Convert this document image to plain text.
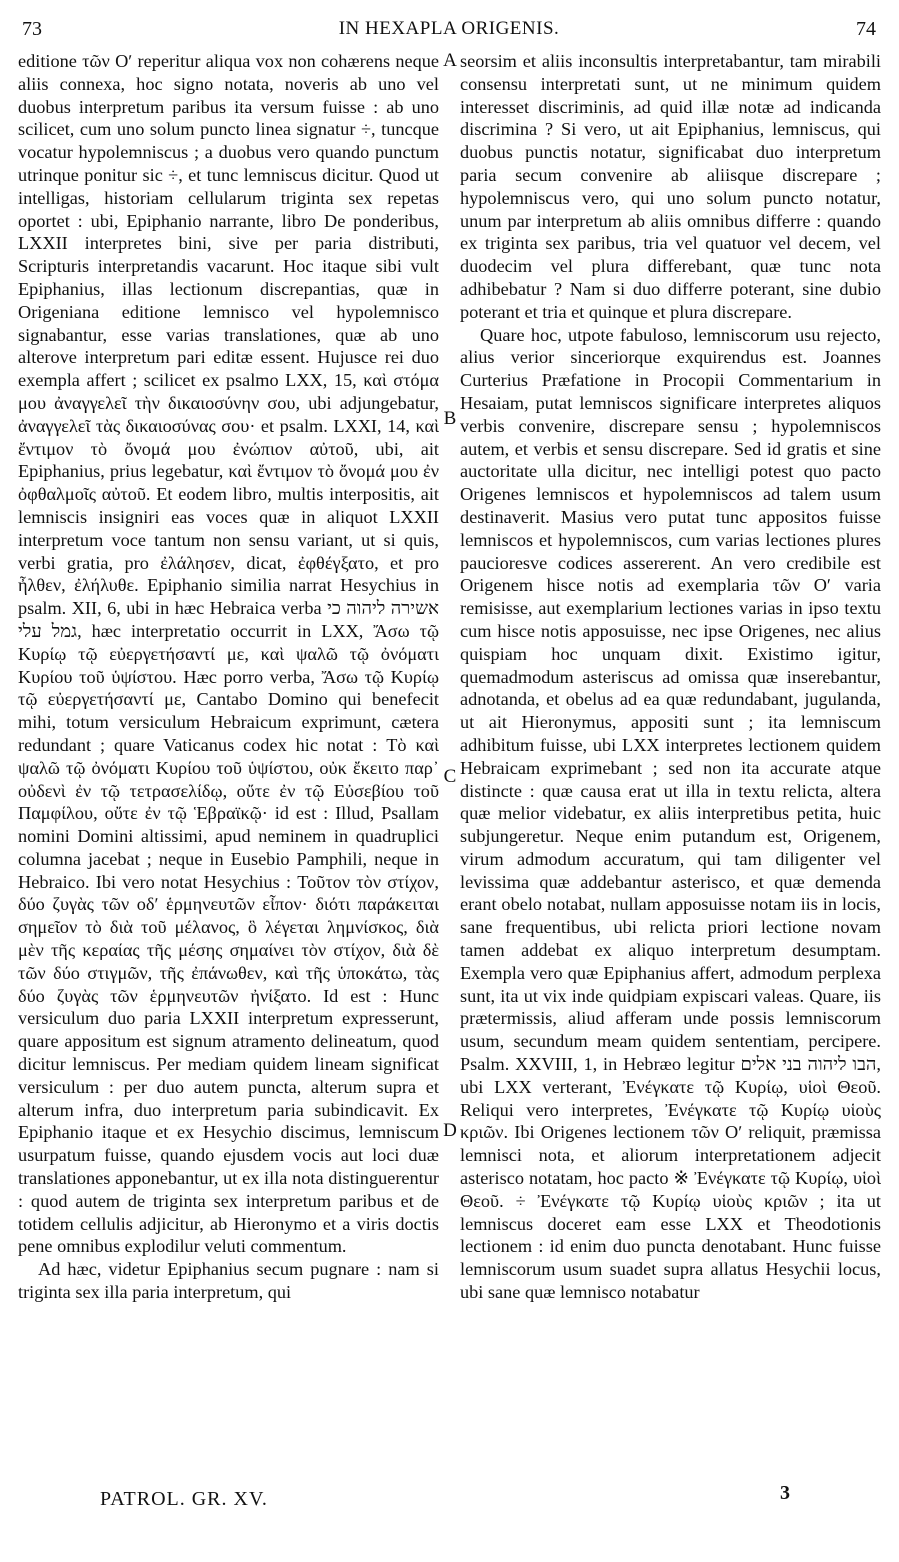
73	IN HEXAPLA ORIGENIS.	74

editione τῶν Οʹ reperitur aliqua vox non cohærens neque aliis connexa, hoc signo notata, noveris ab uno vel duobus interpretum paribus ita versum fuisse : ab uno scilicet, cum uno solum puncto linea signatur ÷, tuncque vocatur hypolemniscus ; a duobus vero quando punctum utrinque ponitur sic ÷, et tunc lemniscus dicitur. Quod ut intelligas, historiam cellularum triginta sex repetas oportet : ubi, Epiphanio narrante, libro De ponderibus, LXXII interpretes bini, sive per paria distributi, Scripturis interpretandis vacarunt. Hoc itaque sibi vult Epiphanius, illas lectionum discrepantias, quæ in Origeniana editione lemnisco vel hypolemnisco signabantur, esse varias translationes, quæ ab uno alterove interpretum pari editæ essent. Hujusce rei duo exempla affert ; scilicet ex psalmo LXX, 15, καὶ στόμα μου ἀναγγελεῖ τὴν δικαιοσύνην σου, ubi adjungebatur, ἀναγγελεῖ τὰς δικαιοσύνας σου· et psalm. LXXI, 14, καὶ ἔντιμον τὸ ὄνομά μου ἐνώπιον αὐτοῦ, ubi, ait Epiphanius, prius legebatur, καὶ ἔντιμον τὸ ὄνομά μου ἐν ὀφθαλμοῖς αὐτοῦ. Et eodem libro, multis interpositis, ait lemniscis insigniri eas voces quæ in aliquot LXXII interpretum voce tantum non sensu variant, ut si quis, verbi gratia, pro ἐλάλησεν, dicat, ἐφθέγξατο, et pro ἦλθεν, ἐλήλυθε. Epiphanio similia narrat Hesychius in psalm. XII, 6, ubi in hæc Hebraica verba אשירה ליהוה כי גמל עלי, hæc interpretatio occurrit in LXX, Ἄσω τῷ Κυρίῳ τῷ εὐεργετήσαντί με, καὶ ψαλῶ τῷ ὀνόματι Κυρίου τοῦ ὑψίστου. Hæc porro verba, Ἄσω τῷ Κυρίῳ τῷ εὐεργετήσαντί με, Cantabo Domino qui benefecit mihi, totum versiculum Hebraicum exprimunt, cætera redundant ; quare Vaticanus codex hic notat : Τὸ καὶ ψαλῶ τῷ ὀνόματι Κυρίου τοῦ ὑψίστου, οὐκ ἔκειτο παρ᾽ οὐδενὶ ἐν τῷ τετρασελίδῳ, οὔτε ἐν τῷ Εὐσεβίου τοῦ Παμφίλου, οὔτε ἐν τῷ Ἑβραϊκῷ· id est : Illud, Psallam nomini Domini altissimi, apud neminem in quadruplici columna jacebat ; neque in Eusebio Pamphili, neque in Hebraico. Ibi vero notat Hesychius : Τοῦτον τὸν στίχον, δύο ζυγὰς τῶν οδʹ ἑρμηνευτῶν εἶπον· διότι παράκειται σημεῖον τὸ διὰ τοῦ μέλανος, ὃ λέγεται λημνίσκος, διὰ μὲν τῆς κεραίας τῆς μέσης σημαίνει τὸν στίχον, διὰ δὲ τῶν δύο στιγμῶν, τῆς ἐπάνωθεν, καὶ τῆς ὑποκάτω, τὰς δύο ζυγὰς τῶν ἑρμηνευτῶν ἠνίξατο. Id est : Hunc versiculum duo paria LXXII interpretum expresserunt, quare appositum est signum atramento delineatum, quod dicitur lemniscus. Per mediam quidem lineam significat versiculum : per duo autem puncta, alterum supra et alterum infra, duo interpretum paria subindicavit. Ex Epiphanio itaque et ex Hesychio discimus, lemniscum usurpatum fuisse, quando ejusdem vocis aut loci duæ translationes apponebantur, ut ex illa nota distinguerentur : quod autem de triginta sex interpretum paribus et de totidem cellulis adjicitur, ab Hieronymo et a viris doctis pene omnibus explodilur veluti commentum.

Ad hæc, videtur Epiphanius secum pugnare : nam si triginta sex illa paria interpretum, qui

A
B
C
D

seorsim et aliis inconsultis interpretabantur, tam mirabili consensu interpretati sunt, ut ne minimum quidem interesset discriminis, ad quid illæ notæ ad indicanda discrimina ? Si vero, ut ait Epiphanius, lemniscus, qui duobus punctis notatur, significabat duo interpretum paria secum convenire ab aliisque discrepare ; hypolemniscus vero, qui uno solum puncto notatur, unum par interpretum ab aliis omnibus differre : quando ex triginta sex paribus, tria vel quatuor vel decem, vel duodecim vel plura differebant, quæ tunc nota adhibebatur ? Nam si duo differre poterant, sine dubio poterant et tria et quinque et plura discrepare.

Quare hoc, utpote fabuloso, lemniscorum usu rejecto, alius verior sinceriorque exquirendus est. Joannes Curterius Præfatione in Procopii Commentarium in Hesaiam, putat lemniscos significare interpretes aliquos verbis convenire, discrepare sensu ; hypolemniscos autem, et verbis et sensu discrepare. Sed id gratis et sine auctoritate ulla dicitur, nec intelligi potest quo pacto Origenes lemniscos et hypolemniscos ad talem usum destinaverit. Masius vero putat tunc appositos fuisse lemniscos et hypolemniscos, cum varias lectiones plures paucioresve codices assererent. An vero credibile est Origenem hisce notis ad exemplaria τῶν Οʹ varia remisisse, aut exemplarium lectiones varias in ipso textu cum hisce notis apposuisse, nec ipse Origenes, nec alius quispiam hoc unquam dixit. Existimo igitur, quemadmodum asteriscus ad omissa quæ inserebantur, adnotanda, et obelus ad ea quæ redundabant, jugulanda, ut ait Hieronymus, appositi sunt ; ita lemniscum adhibitum fuisse, ubi LXX interpretes lectionem quidem Hebraicam exprimebant ; sed non ita accurate atque distincte : quæ causa erat ut illa in textu relicta, altera quæ melior videbatur, ex aliis interpretibus petita, huic subjungeretur. Neque enim putandum est, Origenem, virum admodum accuratum, qui tam diligenter vel levissima quæ addebantur asterisco, et quæ demenda erant obelo notabat, nullam apposuisse notam iis in locis, sane frequentibus, ubi relicta priori lectione novam tamen addebat ex aliquo interpretum desumptam. Exempla vero quæ Epiphanius affert, admodum perplexa sunt, ita ut vix inde quidpiam expiscari valeas. Quare, iis prætermissis, aliud afferam unde possis lemniscorum usum, secundum meam quidem sententiam, percipere. Psalm. XXVIII, 1, in Hebræo legitur הבו ליהוה בני אלים, ubi LXX verterant, Ἐνέγκατε τῷ Κυρίῳ, υἱοὶ Θεοῦ. Reliqui vero interpretes, Ἐνέγκατε τῷ Κυρίῳ υἱοὺς κριῶν. Ibi Origenes lectionem τῶν Οʹ reliquit, præmissa lemnisci nota, et aliorum interpretationem adjecit asterisco notatam, hoc pacto ※ Ἐνέγκατε τῷ Κυρίῳ, υἱοὶ Θεοῦ. ÷ Ἐνέγκατε τῷ Κυρίῳ υἱοὺς κριῶν ; ita ut lemniscus doceret eam esse LXX et Theodotionis lectionem : id enim duo puncta denotabant. Hunc fuisse lemniscorum usum suadet supra allatus Hesychii locus, ubi sane quæ lemnisco notabatur

PATROL. GR. XV.	3
